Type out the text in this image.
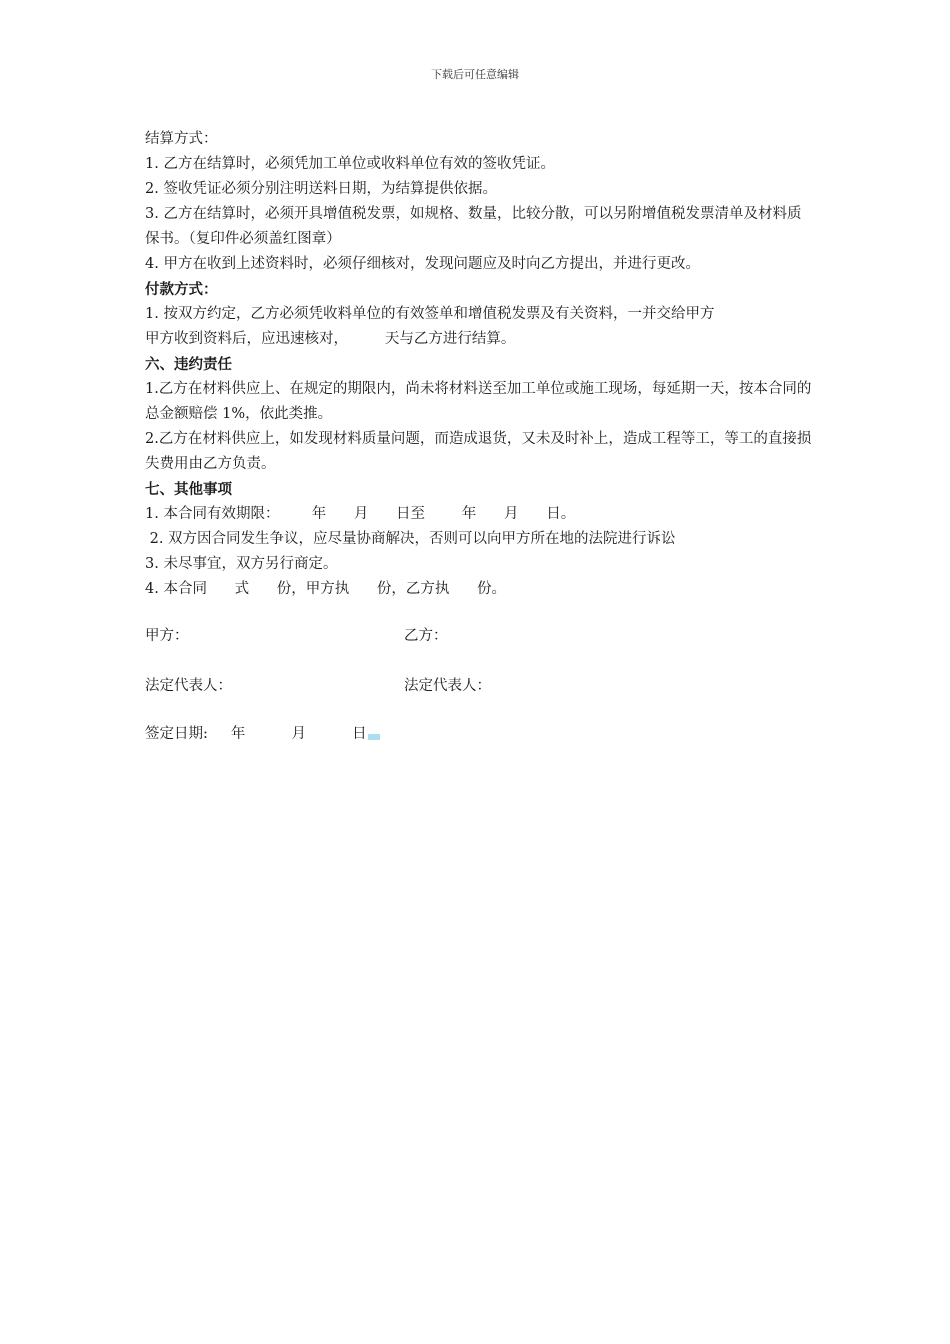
下载后可任意编辑
结算方式：
1. 乙方在结算时，必须凭加工单位或收料单位有效的签收凭证。
2. 签收凭证必须分别注明送料日期，为结算提供依据。
3. 乙方在结算时，必须开具增值税发票，如规格、数量，比较分散，可以另附增值税发票清单及材料质保书。（复印件必须盖红图章）
4. 甲方在收到上述资料时，必须仔细核对，发现问题应及时向乙方提出，并进行更改。
付款方式：
1. 按双方约定，乙方必须凭收料单位的有效签单和增值税发票及有关资料，一并交给甲方
甲方收到资料后，应迅速核对，        天与乙方进行结算。
六、违约责任
1.乙方在材料供应上、在规定的期限内，尚未将材料送至加工单位或施工现场，每延期一天，按本合同的总金额赔偿 1%，依此类推。
2.乙方在材料供应上，如发现材料质量问题，而造成退货，又未及时补上，造成工程等工，等工的直接损失费用由乙方负责。
七、其他事项
1. 本合同有效期限：       年      月      日至        年      月      日。
2. 双方因合同发生争议，应尽量协商解决，否则可以向甲方所在地的法院进行诉讼
3. 未尽事宜，双方另行商定。
4. 本合同      式      份，甲方执      份，乙方执      份。
甲方：	乙方：
法定代表人：	法定代表人：
签定日期:     年          月          日
